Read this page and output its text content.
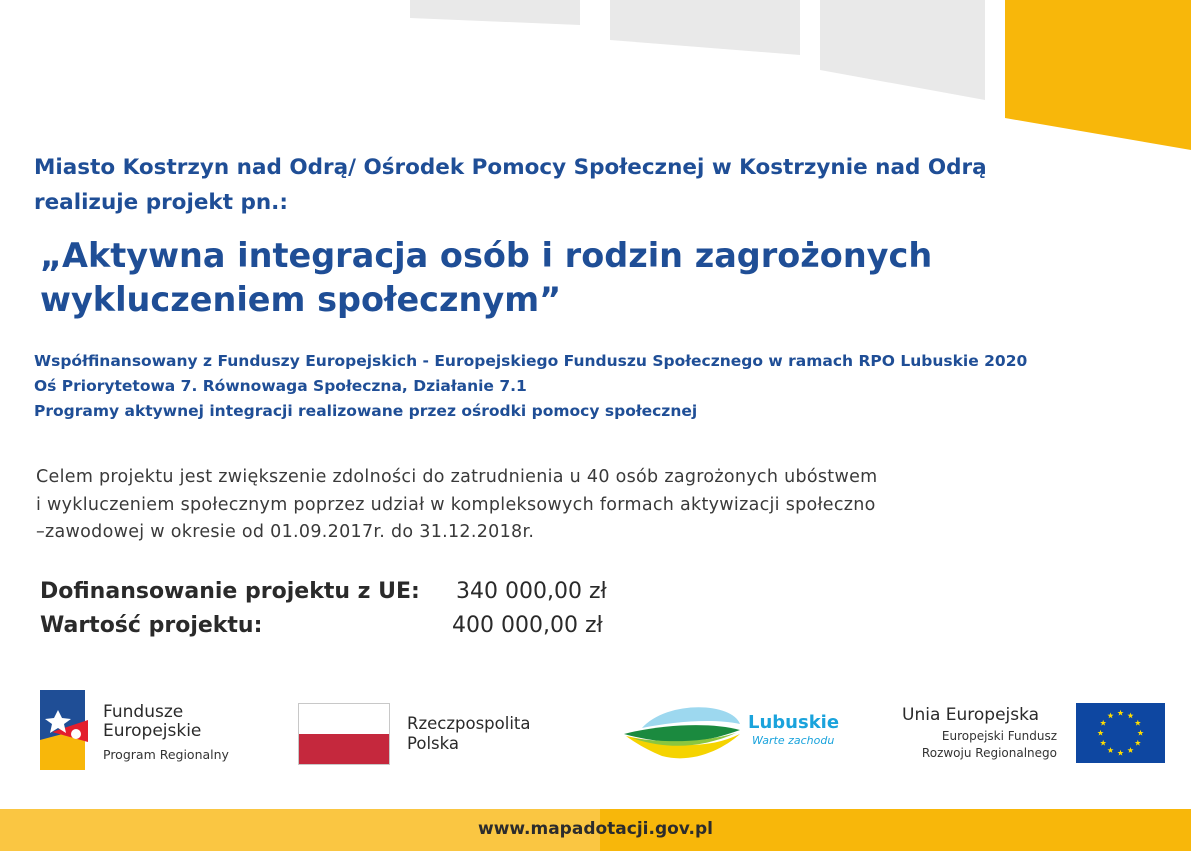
Miasto Kostrzyn nad Odrą/ Ośrodek Pomocy Społecznej w Kostrzynie nad Odrą
realizuje projekt pn.:
„Aktywna integracja osób i rodzin zagrożonych
wykluczeniem społecznym”
Współfinansowany z Funduszy Europejskich - Europejskiego Funduszu Społecznego w ramach RPO Lubuskie 2020
Oś Priorytetowa 7. Równowaga Społeczna, Działanie 7.1
Programy aktywnej integracji realizowane przez ośrodki pomocy społecznej
Celem projektu jest zwiększenie zdolności do zatrudnienia u 40 osób zagrożonych ubóstwem
i wykluczeniem społecznym poprzez udział w kompleksowych formach aktywizacji społeczno
–zawodowej w okresie od 01.09.2017r. do 31.12.2018r.
Dofinansowanie projektu z UE: 340 000,00 zł
Wartość projektu:	400 000,00 zł
Fundusze
Europejskie
Program Regionalny
Rzeczpospolita
Polska
Lubuskie
Warte zachodu
Unia Europejska
Europejski Fundusz
Rozwoju Regionalnego
www.mapadotacji.gov.pl
